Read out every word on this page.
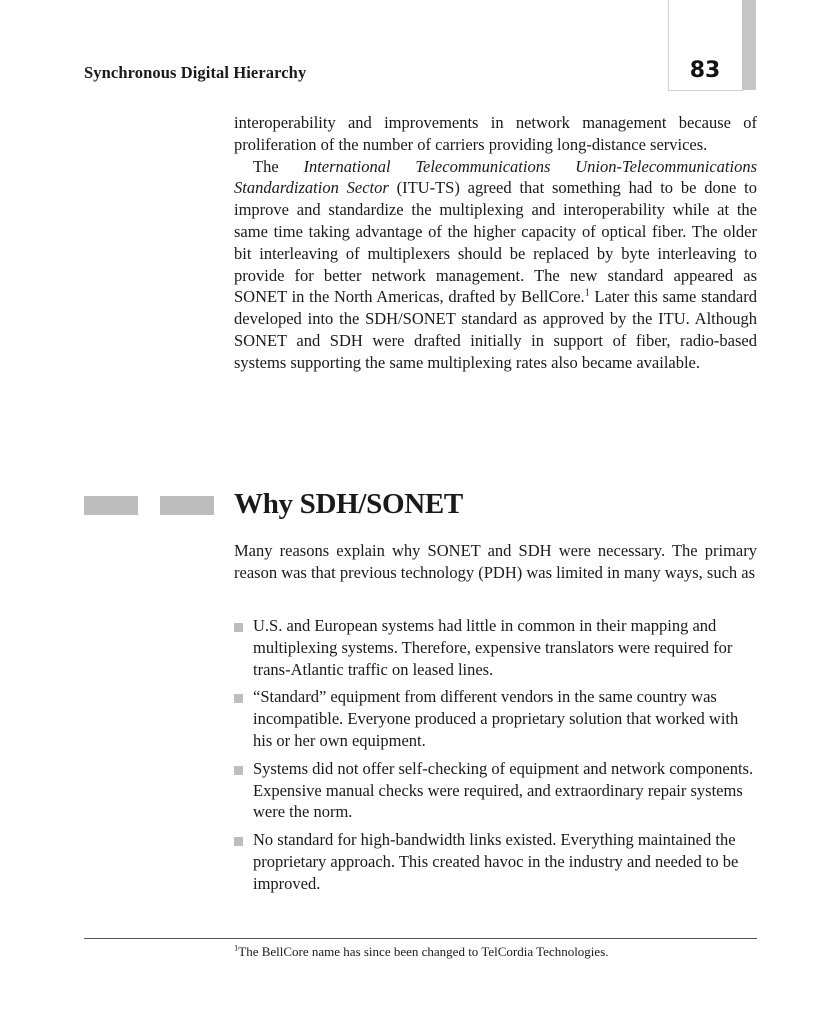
Synchronous Digital Hierarchy	83

interoperability and improvements in network management because of proliferation of the number of carriers providing long-distance services.

The International Telecommunications Union-Telecommunications Standardization Sector (ITU-TS) agreed that something had to be done to improve and standardize the multiplexing and interoperability while at the same time taking advantage of the higher capacity of optical fiber. The older bit interleaving of multiplexers should be replaced by byte interleaving to provide for better network management. The new standard appeared as SONET in the North Americas, drafted by BellCore.$^1$ Later this same standard developed into the SDH/SONET standard as approved by the ITU. Although SONET and SDH were drafted initially in support of fiber, radio-based systems supporting the same multiplexing rates also became available.

Why SDH/SONET

Many reasons explain why SONET and SDH were necessary. The primary reason was that previous technology (PDH) was limited in many ways, such as

U.S. and European systems had little in common in their mapping and multiplexing systems. Therefore, expensive translators were required for trans-Atlantic traffic on leased lines.
“Standard” equipment from different vendors in the same country was incompatible. Everyone produced a proprietary solution that worked with his or her own equipment.
Systems did not offer self-checking of equipment and network components. Expensive manual checks were required, and extraordinary repair systems were the norm.
No standard for high-bandwidth links existed. Everything maintained the proprietary approach. This created havoc in the industry and needed to be improved.
$^1$The BellCore name has since been changed to TelCordia Technologies.
